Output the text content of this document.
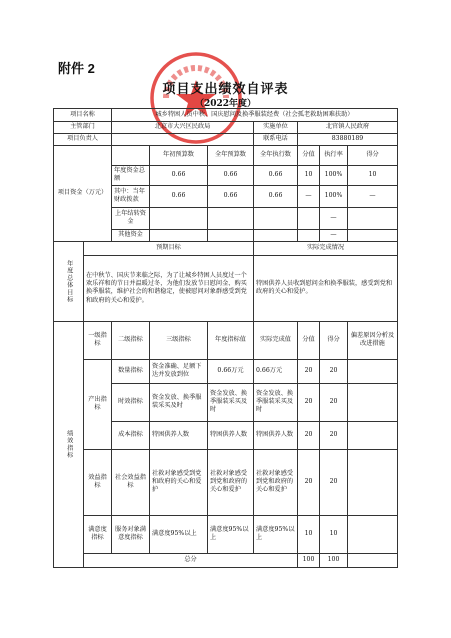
附件 2
项目支出绩效自评表
（2022年度）
项目名称		城乡特困人员中秋、国庆慰问及换季服装经费（社会孤老救助困难扶助）						
主管部门		北京市大兴区民政局			实施单位	北官镇人民政府		
项目负责人					联系电话	83880189		
项目资金（万元）			年初预算数	全年预算数	全年执行数	分值	执行率	得分
		年度资金总额	0.66	0.66	0.66	10	100%	10
		其中：当年财政拨款	0.66	0.66	0.66	—	100%	—
		上年结转资金					—	
		其他资金					—	

年度总体目标	预期目标				实际完成情况			
	在中秋节、国庆节来临之际，为了让城乡特困人员度过一个欢乐祥和的节日并温暖过冬，为他们发放节日慰问金、购买换季服装，维护社会的和谐稳定，使被慰问对象群感受到党和政府的关心和爱护。				特困供养人员收到慰问金和换季服装，感受到党和政府的关心和爱护。			

绩效指标	一级指标	二级指标	三级指标	年度指标值	实际完成值	分值	得分	偏差原因分析及改进措施
	产出指标	数量指标	资金准确、足额下达并发放到位	0.66万元	0.66万元	20	20	
		时效指标	资金发放、换季服装采买及时	资金发放、换季服装采买及时	资金发放、换季服装采买及时	20	20	
		成本指标	特困供养人数	特困供养人数	特困供养人数	20	20	
	效益指标	社会效益指标	社救对象感受到党和政府的关心和爱护	社救对象感受到党和政府的关心和爱护	社救对象感受到党和政府的关心和爱护	20	20	
	满意度指标	服务对象满意度指标	满意度95%以上	满意度95%以上	满意度95%以上	10	10	
	总分					100	100	
